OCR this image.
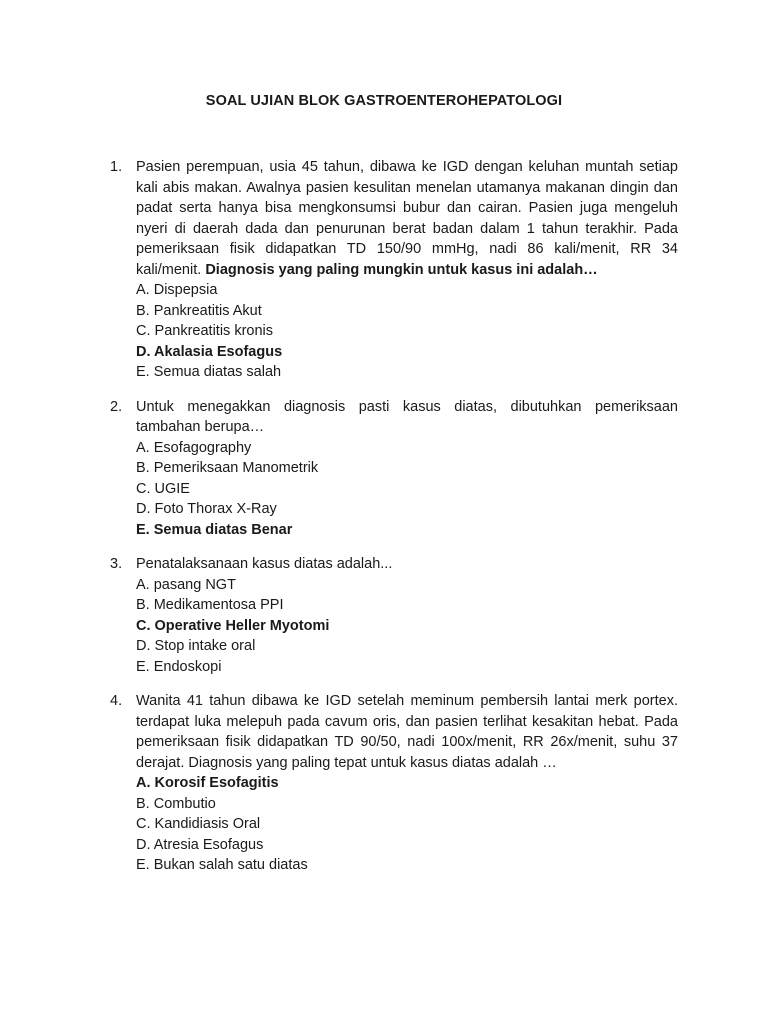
SOAL UJIAN BLOK GASTROENTEROHEPATOLOGI
1. Pasien perempuan, usia 45 tahun, dibawa ke IGD dengan keluhan muntah setiap kali abis makan. Awalnya pasien kesulitan menelan utamanya makanan dingin dan padat serta hanya bisa mengkonsumsi bubur dan cairan. Pasien juga mengeluh nyeri di daerah dada dan penurunan berat badan dalam 1 tahun terakhir. Pada pemeriksaan fisik didapatkan TD 150/90 mmHg, nadi 86 kali/menit, RR 34 kali/menit. Diagnosis yang paling mungkin untuk kasus ini adalah…

A. Dispepsia
B. Pankreatitis Akut
C. Pankreatitis kronis
D. Akalasia Esofagus
E. Semua diatas salah
2. Untuk menegakkan diagnosis pasti kasus diatas, dibutuhkan pemeriksaan tambahan berupa…

A. Esofagography
B. Pemeriksaan Manometrik
C. UGIE
D. Foto Thorax X-Ray
E. Semua diatas Benar
3. Penatalaksanaan kasus diatas adalah...

A. pasang NGT
B. Medikamentosa PPI
C. Operative Heller Myotomi
D. Stop intake oral
E. Endoskopi
4. Wanita 41 tahun dibawa ke IGD setelah meminum pembersih lantai merk portex. terdapat luka melepuh pada cavum oris, dan pasien terlihat kesakitan hebat. Pada pemeriksaan fisik didapatkan TD 90/50, nadi 100x/menit, RR 26x/menit, suhu 37 derajat. Diagnosis yang paling tepat untuk kasus diatas adalah …

A. Korosif Esofagitis
B. Combutio
C. Kandidiasis Oral
D. Atresia Esofagus
E. Bukan salah satu diatas
